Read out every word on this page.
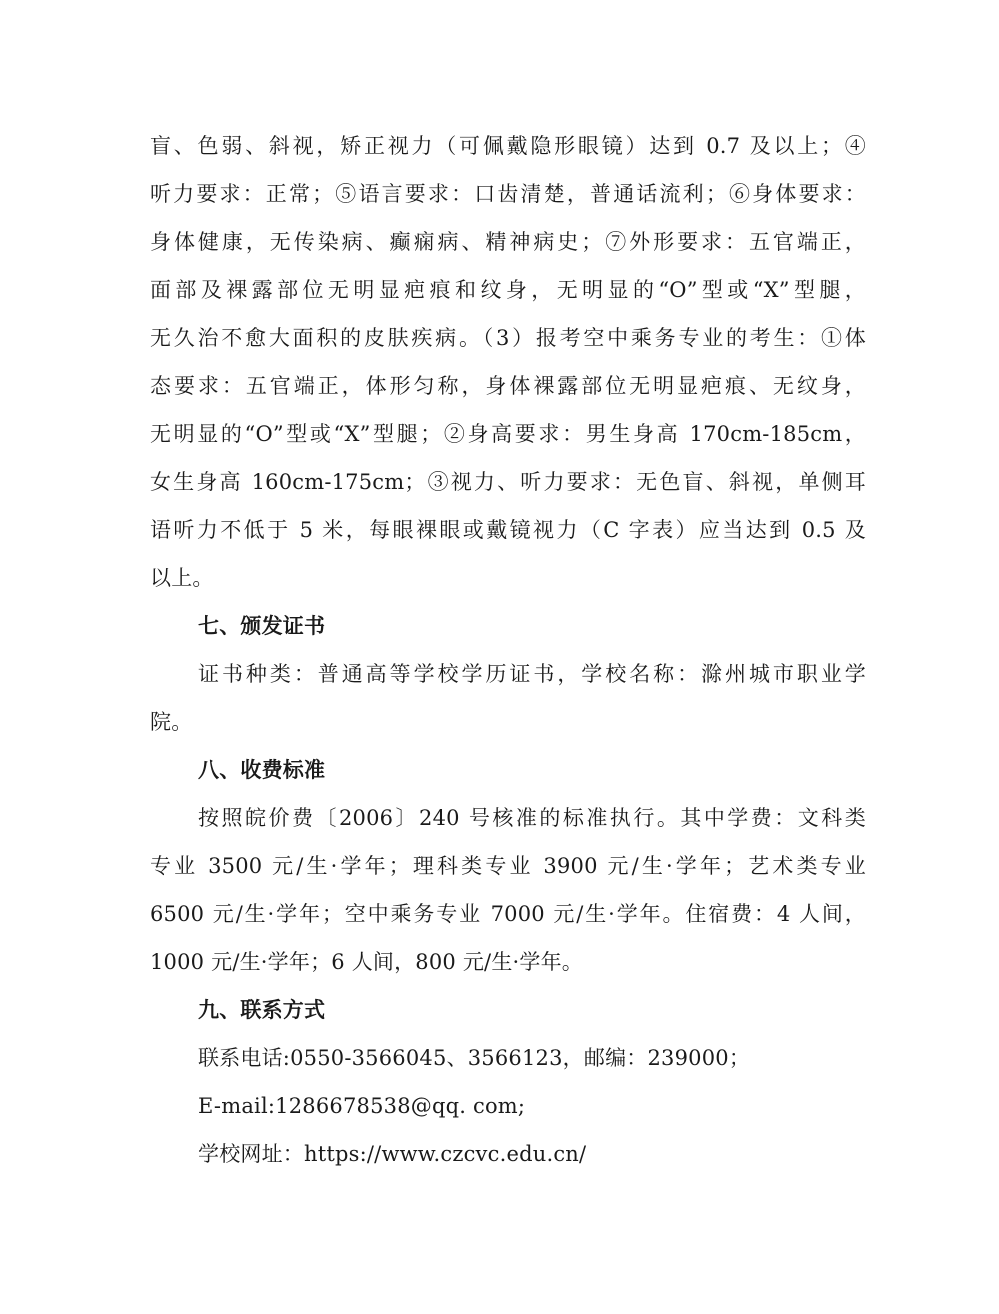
盲、色弱、斜视，矫正视力（可佩戴隐形眼镜）达到 0.7 及以上；④
听力要求：正常；⑤语言要求：口齿清楚，普通话流利；⑥身体要求：
身体健康，无传染病、癫痫病、精神病史；⑦外形要求：五官端正，
面部及裸露部位无明显疤痕和纹身，无明显的“O”型或“X”型腿，
无久治不愈大面积的皮肤疾病。（3）报考空中乘务专业的考生：①体
态要求：五官端正，体形匀称，身体裸露部位无明显疤痕、无纹身，
无明显的“O”型或“X”型腿；②身高要求：男生身高 170cm-185cm，
女生身高 160cm-175cm；③视力、听力要求：无色盲、斜视，单侧耳
语听力不低于 5 米，每眼裸眼或戴镜视力（C 字表）应当达到 0.5 及
以上。
七、颁发证书
证书种类：普通高等学校学历证书，学校名称：滁州城市职业学
院。
八、收费标准
按照皖价费〔2006〕240 号核准的标准执行。其中学费：文科类
专业 3500 元/生·学年；理科类专业 3900 元/生·学年；艺术类专业
6500 元/生·学年；空中乘务专业 7000 元/生·学年。住宿费：4 人间，
1000 元/生·学年；6 人间，800 元/生·学年。
九、联系方式
联系电话:0550-3566045、3566123，邮编：239000；
E-mail:1286678538@qq. com;
学校网址：https://www.czcvc.edu.cn/
